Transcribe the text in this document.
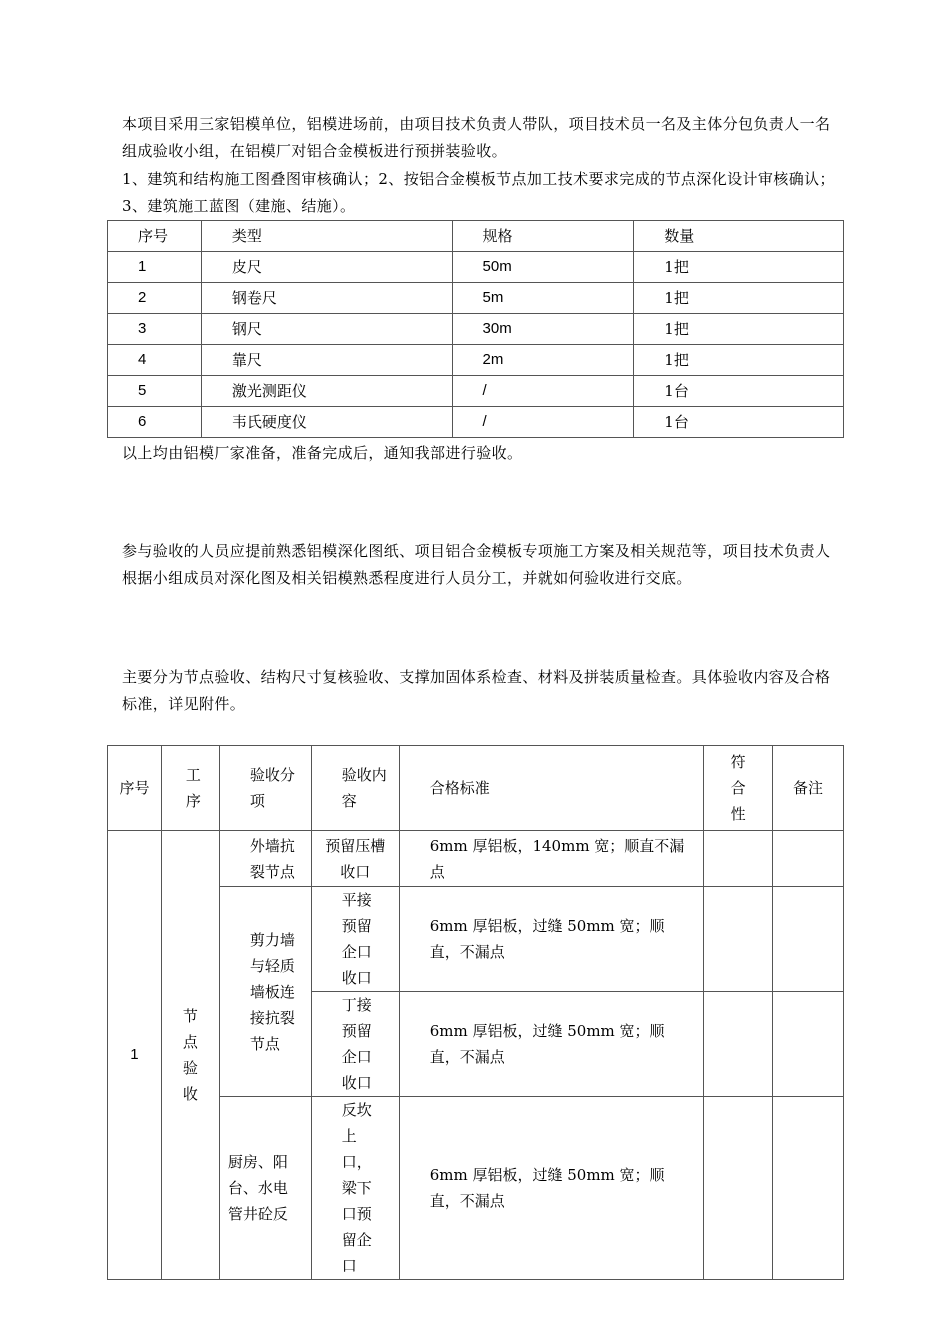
本项目采用三家铝模单位，铝模进场前，由项目技术负责人带队，项目技术员一名及主体分包负责人一名组成验收小组，在铝模厂对铝合金模板进行预拼装验收。
1、建筑和结构施工图叠图审核确认；2、按铝合金模板节点加工技术要求完成的节点深化设计审核确认；3、建筑施工蓝图（建施、结施）。
序号	类型	规格	数量
1	皮尺	50m	1把
2	钢卷尺	5m	1把
3	钢尺	30m	1把
4	靠尺	2m	1把
5	激光测距仪	/	1台
6	韦氏硬度仪	/	1台
以上均由铝模厂家准备，准备完成后，通知我部进行验收。
参与验收的人员应提前熟悉铝模深化图纸、项目铝合金模板专项施工方案及相关规范等，项目技术负责人根据小组成员对深化图及相关铝模熟悉程度进行人员分工，并就如何验收进行交底。
主要分为节点验收、结构尺寸复核验收、支撑加固体系检查、材料及拼装质量检查。具体验收内容及合格标准，详见附件。
序号	工序	验收分项	验收内容	合格标准	符合性	备注
1	节点验收	外墙抗裂节点	预留压槽收口	6mm 厚铝板，140mm 宽；顺直不漏点		
		剪力墙与轻质墙板连接抗裂节点	平接预留企口收口	6mm 厚铝板，过缝 50mm 宽；顺直，不漏点		
			丁接预留企口收口	6mm 厚铝板，过缝 50mm 宽；顺直，不漏点		
		厨房、阳台、水电管井砼反	反坎上口，梁下口预留企口	6mm 厚铝板，过缝 50mm 宽；顺直，不漏点		
